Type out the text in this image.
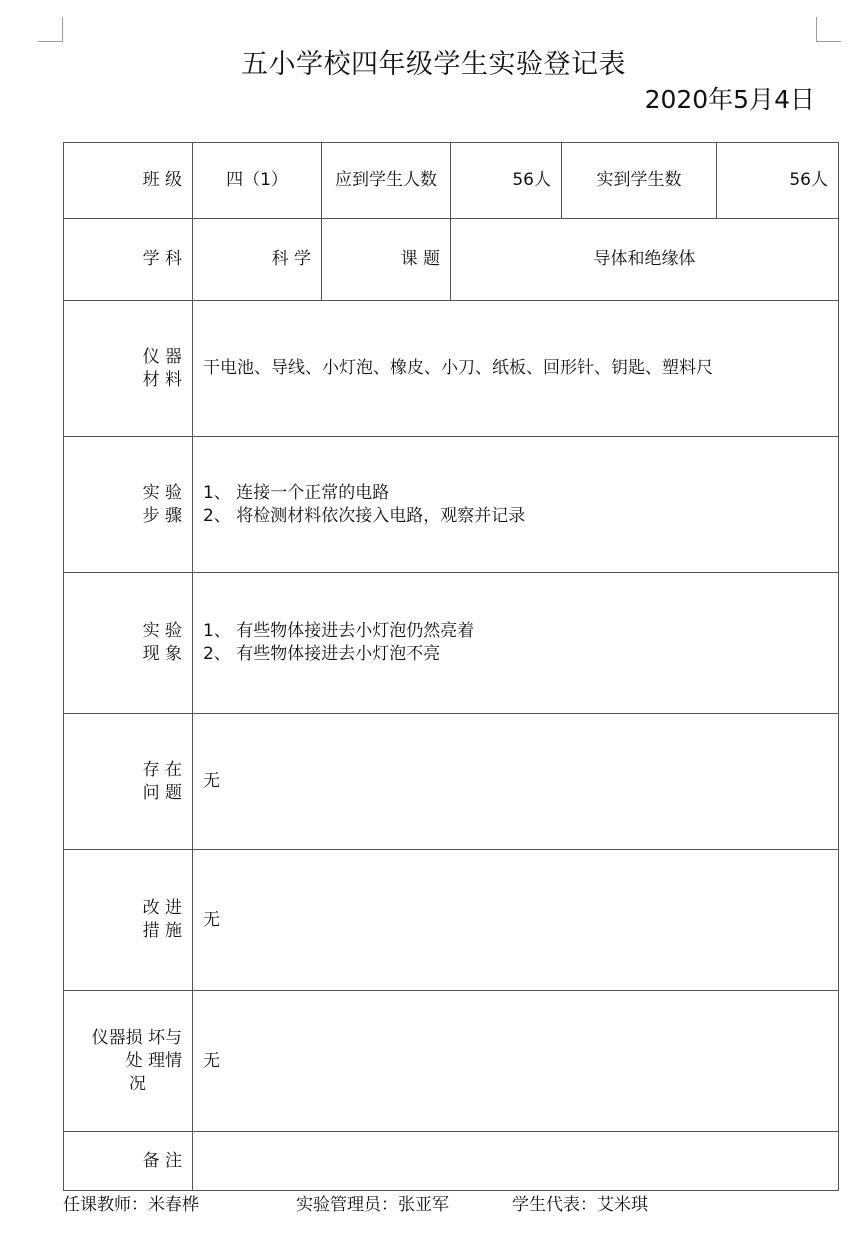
五小学校四年级学生实验登记表
2020年5月4日
班 级	四（1）	应到学生人数	56人	实到学生数	56人
学 科	科 学	课 题	导体和绝缘体		

仪 器
材 料	干电池、导线、小灯泡、橡皮、小刀、纸板、回形针、钥匙、塑料尺				

实 验
步 骤	1、 连接一个正常的电路
2、 将检测材料依次接入电路，观察并记录				

实 验
现 象	1、 有些物体接进去小灯泡仍然亮着
2、 有些物体接进去小灯泡不亮				

存 在
问 题	无				

改 进
措 施	无				

仪器损 坏与
处 理情
况	无				

备 注					

任课教师：米春桦	实验管理员：张亚军	学生代表：艾米琪
